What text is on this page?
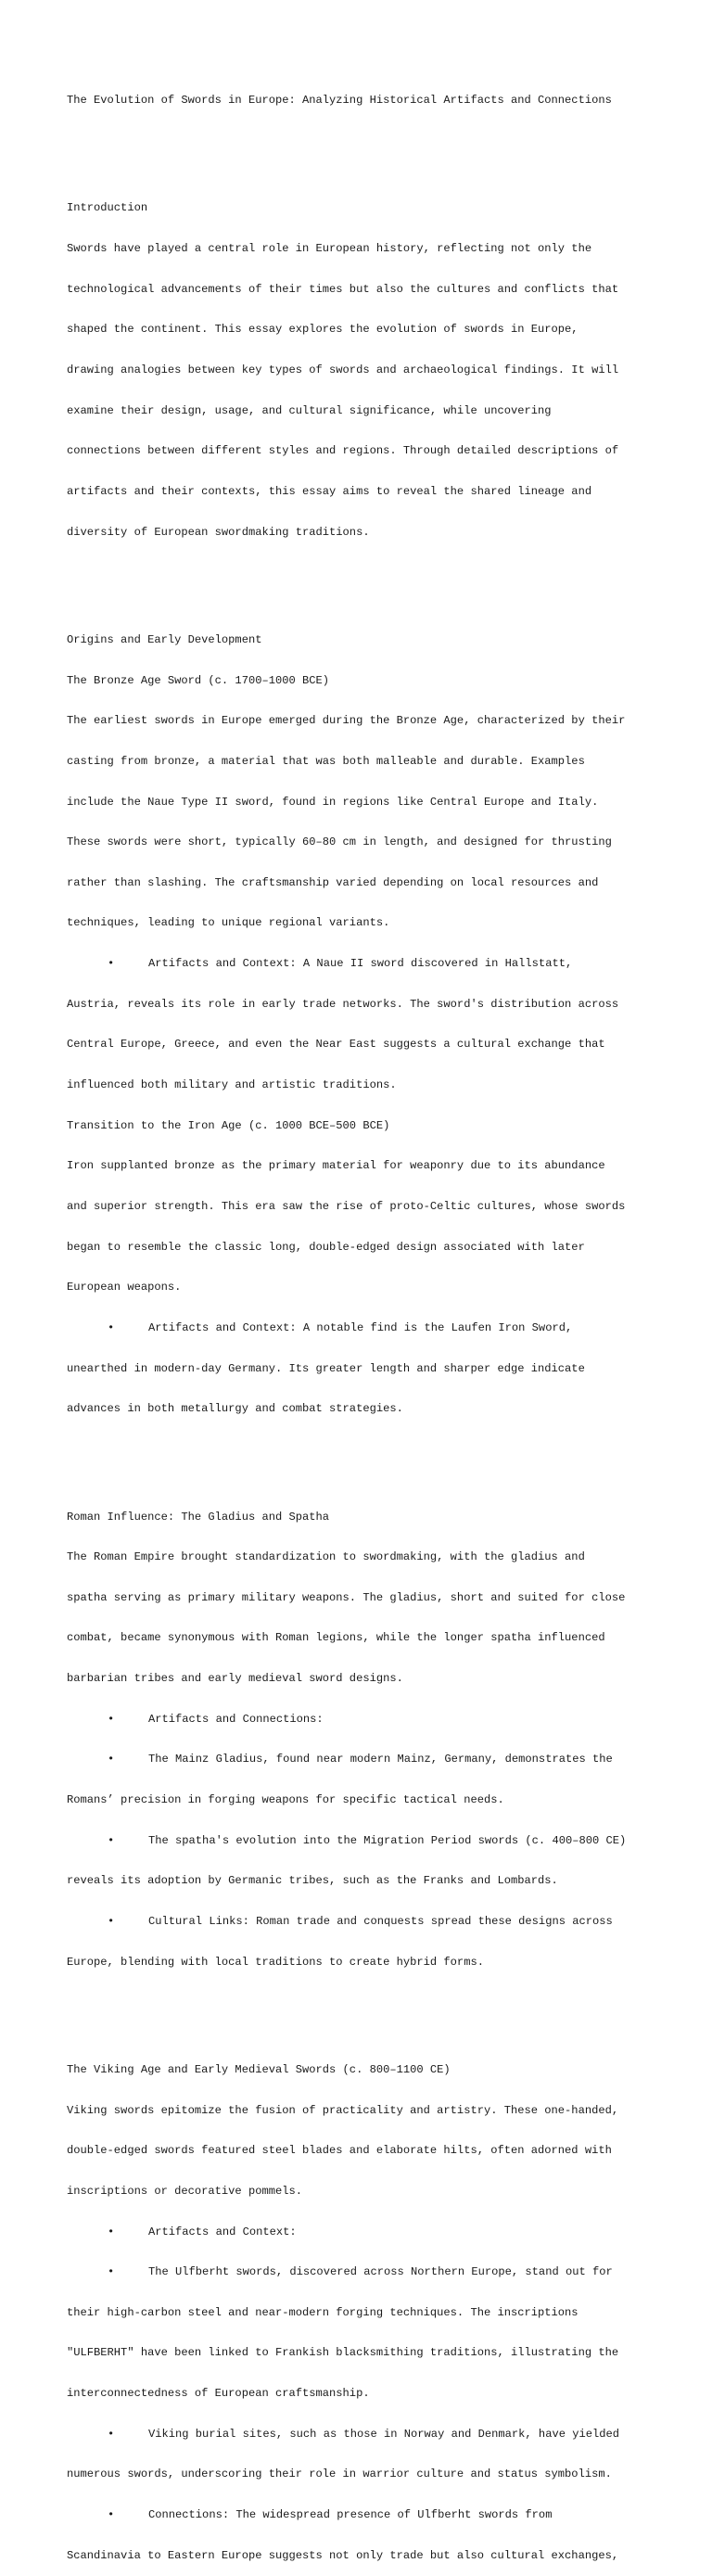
The Evolution of Swords in Europe: Analyzing Historical Artifacts and Connections

Introduction

Swords have played a central role in European history, reflecting not only the

technological advancements of their times but also the cultures and conflicts that

shaped the continent. This essay explores the evolution of swords in Europe,

drawing analogies between key types of swords and archaeological findings. It will

examine their design, usage, and cultural significance, while uncovering

connections between different styles and regions. Through detailed descriptions of

artifacts and their contexts, this essay aims to reveal the shared lineage and

diversity of European swordmaking traditions.

Origins and Early Development

The Bronze Age Sword (c. 1700–1000 BCE)

The earliest swords in Europe emerged during the Bronze Age, characterized by their

casting from bronze, a material that was both malleable and durable. Examples

include the Naue Type II sword, found in regions like Central Europe and Italy.

These swords were short, typically 60–80 cm in length, and designed for thrusting

rather than slashing. The craftsmanship varied depending on local resources and

techniques, leading to unique regional variants.

•	Artifacts and Context: A Naue II sword discovered in Hallstatt,

Austria, reveals its role in early trade networks. The sword's distribution across

Central Europe, Greece, and even the Near East suggests a cultural exchange that

influenced both military and artistic traditions.

Transition to the Iron Age (c. 1000 BCE–500 BCE)

Iron supplanted bronze as the primary material for weaponry due to its abundance

and superior strength. This era saw the rise of proto-Celtic cultures, whose swords

began to resemble the classic long, double-edged design associated with later

European weapons.

•	Artifacts and Context: A notable find is the Laufen Iron Sword,

unearthed in modern-day Germany. Its greater length and sharper edge indicate

advances in both metallurgy and combat strategies.

Roman Influence: The Gladius and Spatha

The Roman Empire brought standardization to swordmaking, with the gladius and

spatha serving as primary military weapons. The gladius, short and suited for close

combat, became synonymous with Roman legions, while the longer spatha influenced

barbarian tribes and early medieval sword designs.

•	Artifacts and Connections:

•	The Mainz Gladius, found near modern Mainz, Germany, demonstrates the

Romans’ precision in forging weapons for specific tactical needs.

•	The spatha's evolution into the Migration Period swords (c. 400–800 CE)

reveals its adoption by Germanic tribes, such as the Franks and Lombards.

•	Cultural Links: Roman trade and conquests spread these designs across

Europe, blending with local traditions to create hybrid forms.

The Viking Age and Early Medieval Swords (c. 800–1100 CE)

Viking swords epitomize the fusion of practicality and artistry. These one-handed,

double-edged swords featured steel blades and elaborate hilts, often adorned with

inscriptions or decorative pommels.

•	Artifacts and Context:

•	The Ulfberht swords, discovered across Northern Europe, stand out for

their high-carbon steel and near-modern forging techniques. The inscriptions

"ULFBERHT" have been linked to Frankish blacksmithing traditions, illustrating the

interconnectedness of European craftsmanship.

•	Viking burial sites, such as those in Norway and Denmark, have yielded

numerous swords, underscoring their role in warrior culture and status symbolism.

•	Connections: The widespread presence of Ulfberht swords from

Scandinavia to Eastern Europe suggests not only trade but also cultural exchanges,
